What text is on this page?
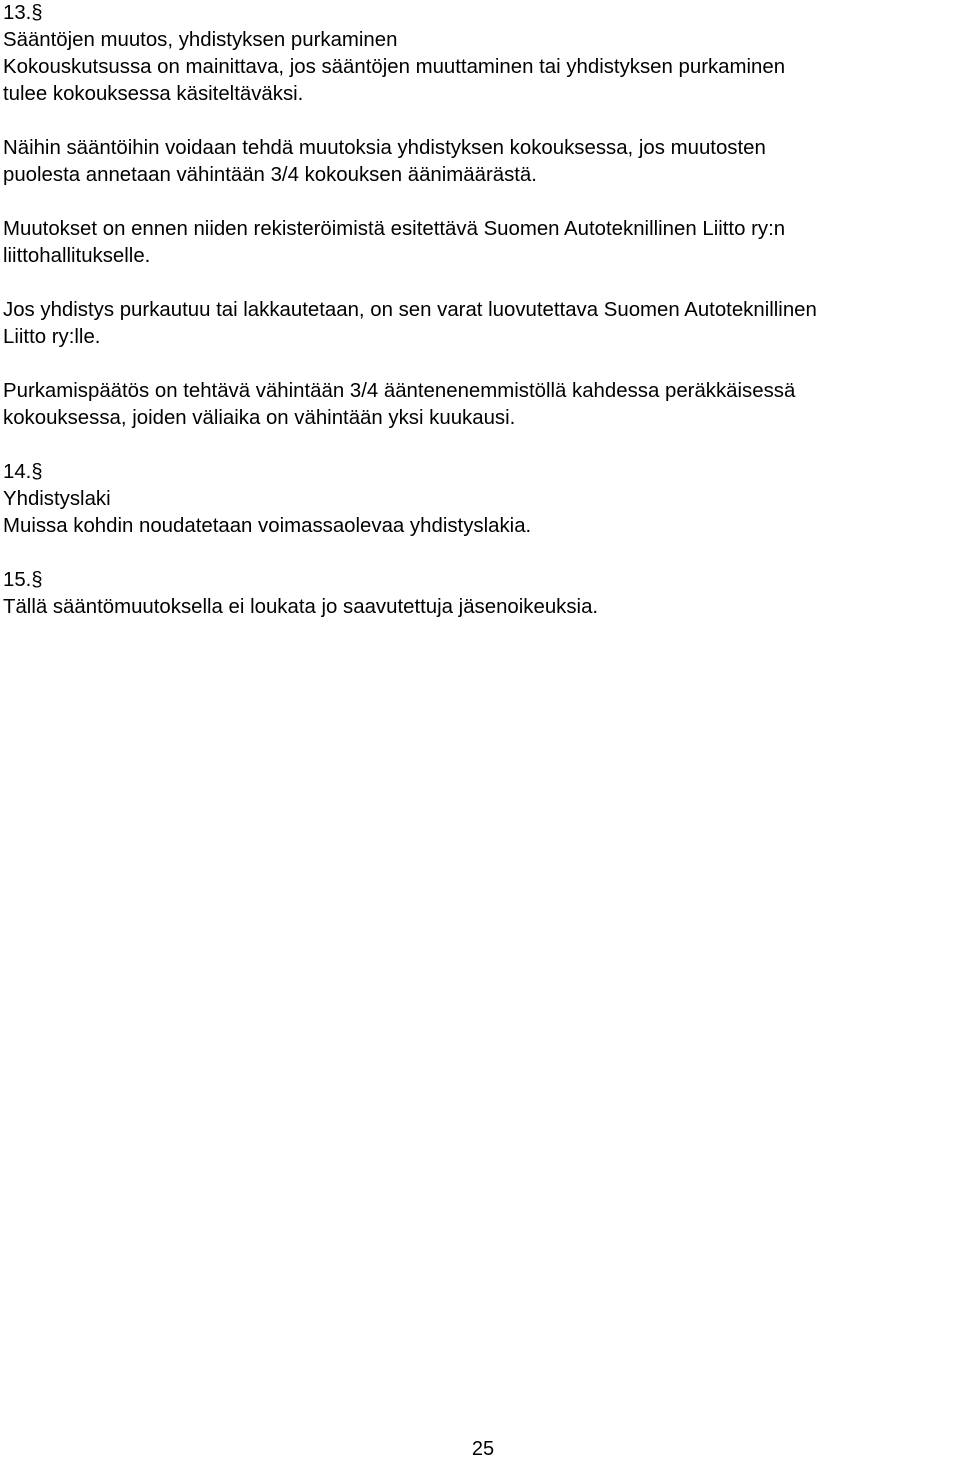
13.§
Sääntöjen muutos, yhdistyksen purkaminen
Kokouskutsussa on mainittava, jos sääntöjen muuttaminen tai yhdistyksen purkaminen
tulee kokouksessa käsiteltäväksi.
Näihin sääntöihin voidaan tehdä muutoksia yhdistyksen kokouksessa, jos muutosten
puolesta annetaan vähintään 3/4 kokouksen äänimäärästä.
Muutokset on ennen niiden rekisteröimistä esitettävä Suomen Autoteknillinen Liitto ry:n
liittohallitukselle.
Jos yhdistys purkautuu tai lakkautetaan, on sen varat luovutettava Suomen Autoteknillinen
Liitto ry:lle.
Purkamispäätös on tehtävä vähintään 3/4 ääntenenemmistöllä kahdessa peräkkäisessä
kokouksessa, joiden väliaika on vähintään yksi kuukausi.
14.§
Yhdistyslaki
Muissa kohdin noudatetaan voimassaolevaa yhdistyslakia.
15.§
Tällä sääntömuutoksella ei loukata jo saavutettuja jäsenoikeuksia.
25
